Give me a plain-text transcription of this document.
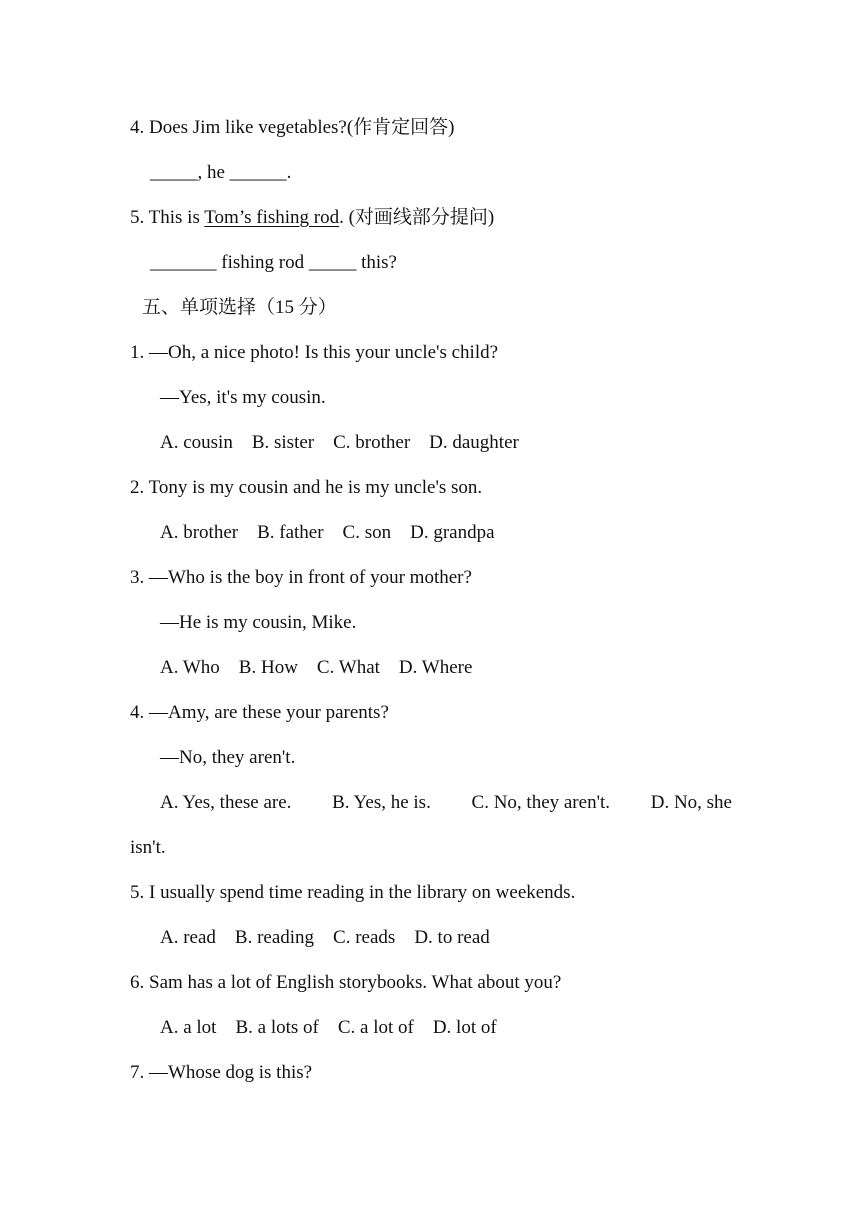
4. Does Jim like vegetables?(作肯定回答)
_____, he ______.
5. This is Tom’s fishing rod. (对画线部分提问)
_______ fishing rod _____ this?
五、单项选择（15 分）
1. —Oh, a nice photo! Is this your uncle's child?
—Yes, it's my cousin.
A. cousin    B. sister    C. brother    D. daughter
2. Tony is my cousin and he is my uncle's son.
A. brother    B. father    C. son    D. grandpa
3. —Who is the boy in front of your mother?
—He is my cousin, Mike.
A. Who    B. How    C. What    D. Where
4. —Amy, are these your parents?
—No, they aren't.
A. Yes, these are. B. Yes, he is. C. No, they aren't. D. No, she
isn't.
5. I usually spend time reading in the library on weekends.
A. read    B. reading    C. reads    D. to read
6. Sam has a lot of English storybooks. What about you?
A. a lot    B. a lots of    C. a lot of    D. lot of
7. —Whose dog is this?
